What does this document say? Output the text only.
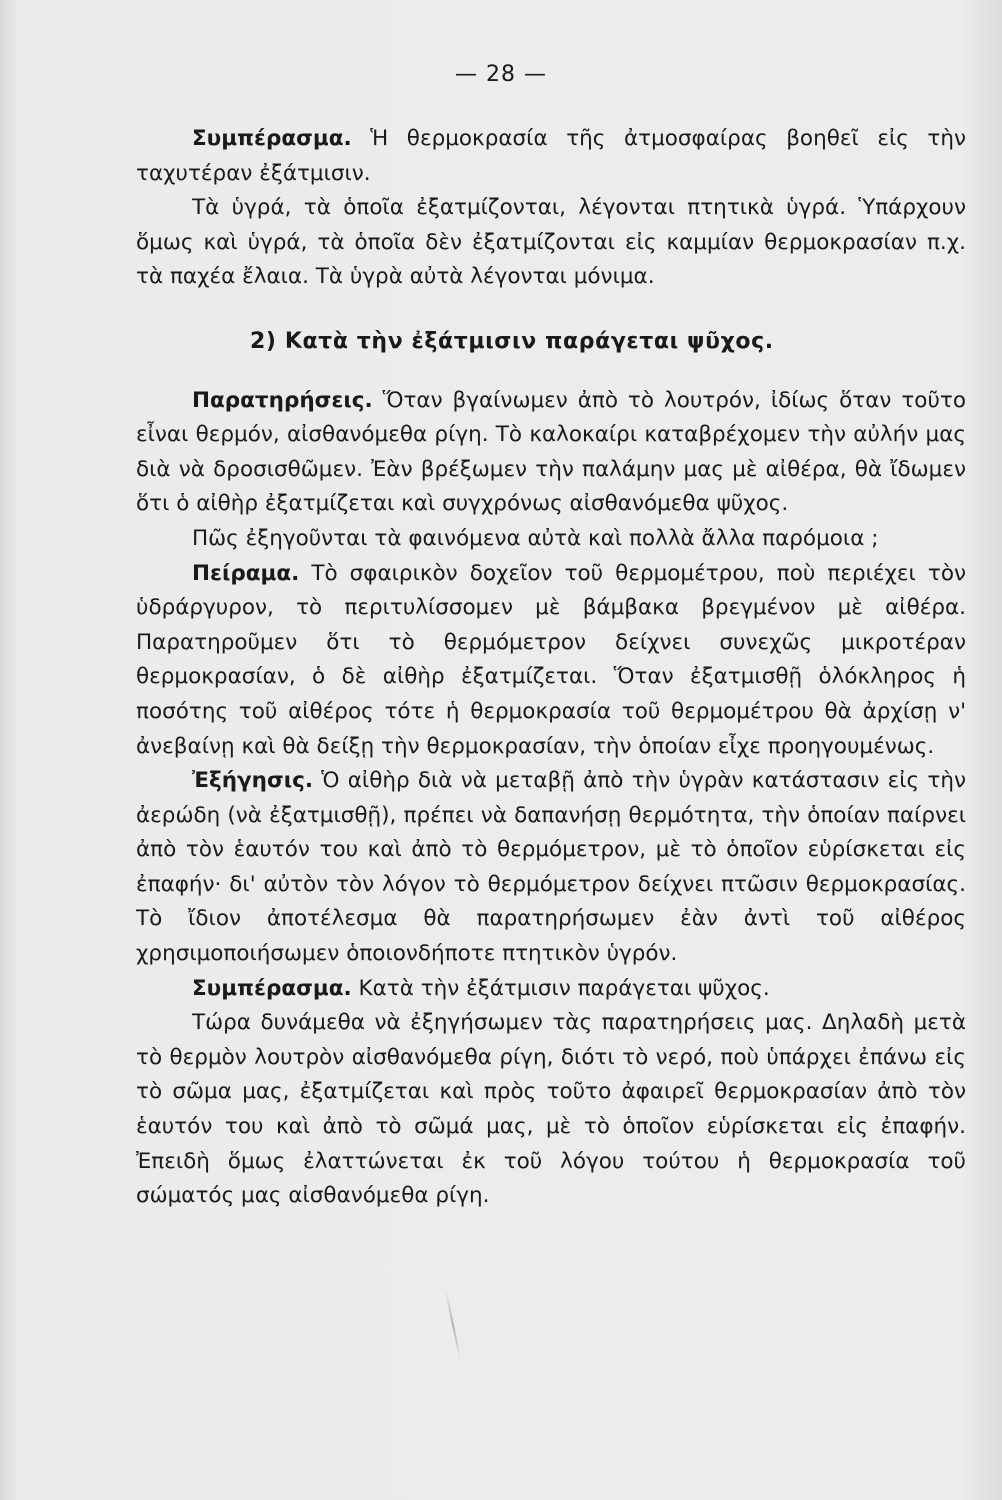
— 28 —

Συμπέρασμα. Ἡ θερμοκρασία τῆς ἀτμοσφαίρας βοηθεῖ εἰς τὴν ταχυτέραν ἐξάτμισιν.

Τὰ ὑγρά, τὰ ὁποῖα ἐξατμίζονται, λέγονται πτητικὰ ὑγρά. Ὑπάρχουν ὅμως καὶ ὑγρά, τὰ ὁποῖα δὲν ἐξατμίζονται εἰς καμμίαν θερμοκρασίαν π.χ. τὰ παχέα ἔλαια. Τὰ ὑγρὰ αὐτὰ λέγονται μόνιμα.

2) Κατὰ τὴν ἐξάτμισιν παράγεται ψῦχος.

Παρατηρήσεις. Ὅταν βγαίνωμεν ἀπὸ τὸ λουτρόν, ἰδίως ὅταν τοῦτο εἶναι θερμόν, αἰσθανόμεθα ρίγη. Τὸ καλοκαίρι καταβρέχομεν τὴν αὐλήν μας διὰ νὰ δροσισθῶμεν. Ἐὰν βρέξωμεν τὴν παλάμην μας μὲ αἰθέρα, θὰ ἴδωμεν ὅτι ὁ αἰθὴρ ἐξατμίζεται καὶ συγχρόνως αἰσθανόμεθα ψῦχος.

Πῶς ἐξηγοῦνται τὰ φαινόμενα αὐτὰ καὶ πολλὰ ἄλλα παρόμοια ;

Πείραμα. Τὸ σφαιρικὸν δοχεῖον τοῦ θερμομέτρου, ποὺ περιέχει τὸν ὑδράργυρον, τὸ περιτυλίσσομεν μὲ βάμβακα βρεγμένον μὲ αἰθέρα. Παρατηροῦμεν ὅτι τὸ θερμόμετρον δείχνει συνεχῶς μικροτέραν θερμοκρασίαν, ὁ δὲ αἰθὴρ ἐξατμίζεται. Ὅταν ἐξατμισθῇ ὁλόκληρος ἡ ποσότης τοῦ αἰθέρος τότε ἡ θερμοκρασία τοῦ θερμομέτρου θὰ ἀρχίσῃ ν' ἀνεβαίνῃ καὶ θὰ δείξῃ τὴν θερμοκρασίαν, τὴν ὁποίαν εἶχε προηγουμένως.

Ἐξήγησις. Ὁ αἰθὴρ διὰ νὰ μεταβῇ ἀπὸ τὴν ὑγρὰν κατάστασιν εἰς τὴν ἀερώδη (νὰ ἐξατμισθῇ), πρέπει νὰ δαπανήσῃ θερμότητα, τὴν ὁποίαν παίρνει ἀπὸ τὸν ἑαυτόν του καὶ ἀπὸ τὸ θερμόμετρον, μὲ τὸ ὁποῖον εὑρίσκεται εἰς ἐπαφήν· δι' αὐτὸν τὸν λόγον τὸ θερμόμετρον δείχνει πτῶσιν θερμοκρασίας. Τὸ ἴδιον ἀποτέλεσμα θὰ παρατηρήσωμεν ἐὰν ἀντὶ τοῦ αἰθέρος χρησιμοποιήσωμεν ὁποιονδήποτε πτητικὸν ὑγρόν.

Συμπέρασμα. Κατὰ τὴν ἐξάτμισιν παράγεται ψῦχος.

Τώρα δυνάμεθα νὰ ἐξηγήσωμεν τὰς παρατηρήσεις μας. Δηλαδὴ μετὰ τὸ θερμὸν λουτρὸν αἰσθανόμεθα ρίγη, διότι τὸ νερό, ποὺ ὑπάρχει ἐπάνω εἰς τὸ σῶμα μας, ἐξατμίζεται καὶ πρὸς τοῦτο ἀφαιρεῖ θερμοκρασίαν ἀπὸ τὸν ἑαυτόν του καὶ ἀπὸ τὸ σῶμά μας, μὲ τὸ ὁποῖον εὑρίσκεται εἰς ἐπαφήν. Ἐπειδὴ ὅμως ἐλαττώνεται ἐκ τοῦ λόγου τούτου ἡ θερμοκρασία τοῦ σώματός μας αἰσθανόμεθα ρίγη.
